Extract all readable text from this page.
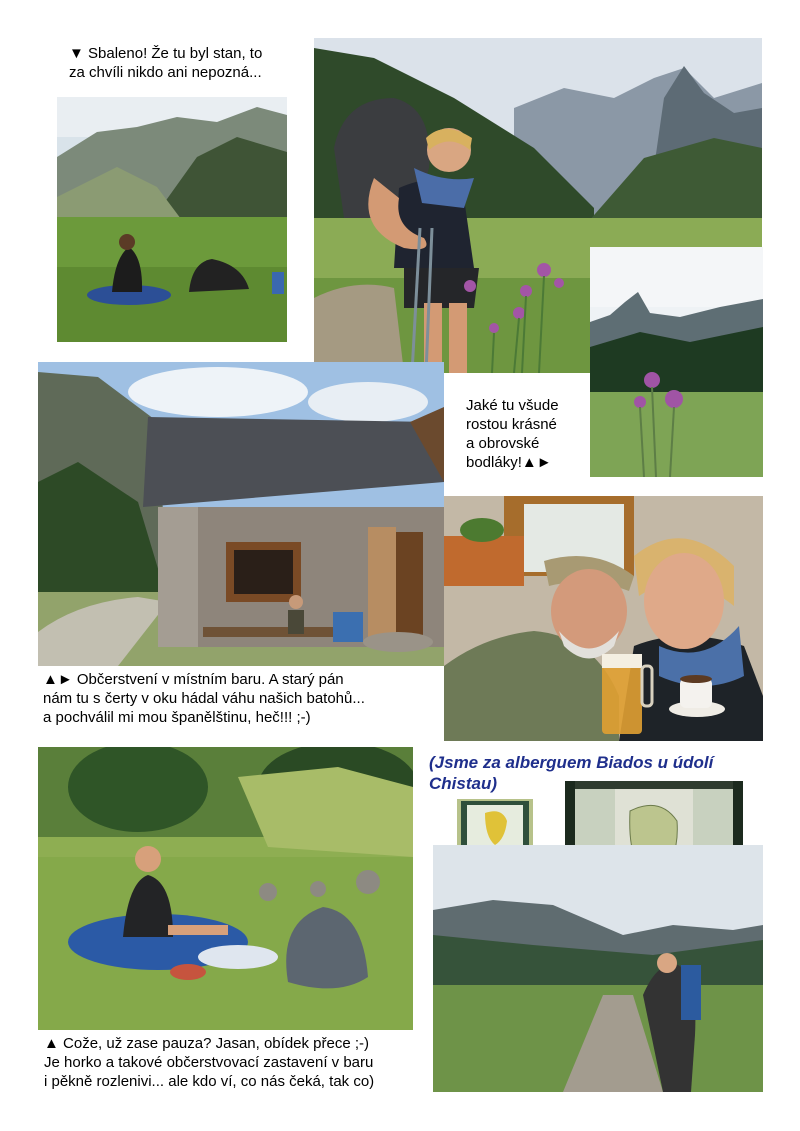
▼ Sbaleno! Že tu byl stan, to
za chvíli nikdo ani nepozná...
Jaké tu všude
rostou krásné
a obrovské
bodláky!▲►
▲► Občerstvení v místním baru. A starý pán
nám tu s čerty v oku hádal váhu našich batohů...
a pochválil mi mou španělštinu, heč!!! ;-)
(Jsme za alberguem Biados u údolí
Chistau)
▲ Cože, už zase pauza? Jasan, obídek přece ;-)
Je horko a takové občerstvovací zastavení v baru
i pěkně rozlenivi... ale kdo ví, co nás čeká, tak co)
